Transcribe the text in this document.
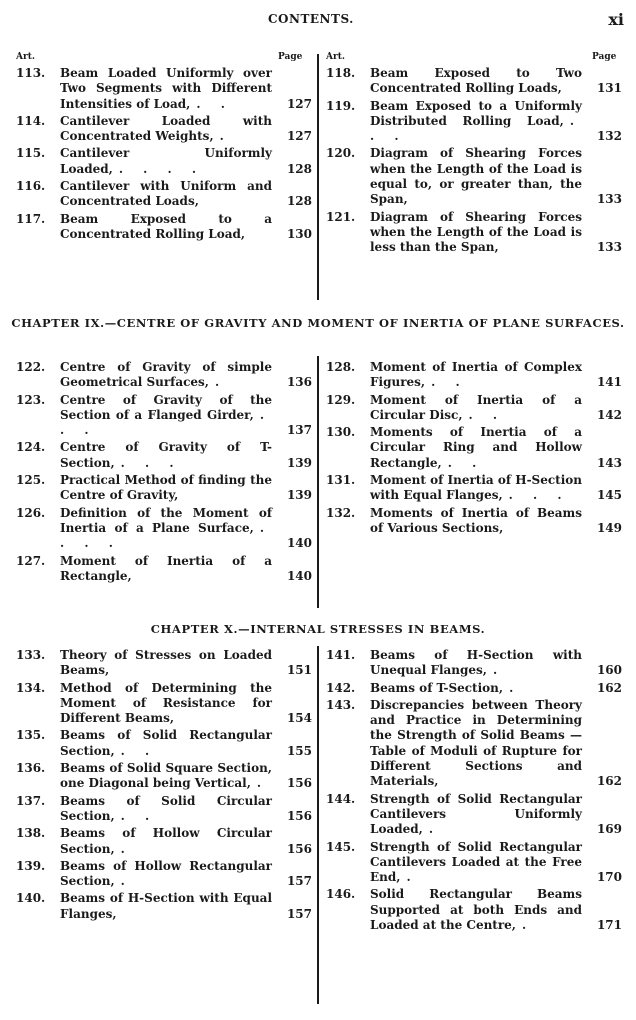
CONTENTS.	xi
Art.	Page	Art.	Page
113.	Beam Loaded Uniformly over Two Segments with Different Intensities of Load, . .	127
114.	Cantilever Loaded with Concentrated Weights, .	127
115.	Cantilever Uniformly Loaded, . . . .	128
116.	Cantilever with Uniform and Concentrated Loads,	128
117.	Beam Exposed to a Concentrated Rolling Load,	130
118.	Beam Exposed to Two Concentrated Rolling Loads,	131
119.	Beam Exposed to a Uniformly Distributed Rolling Load, . . .	132
120.	Diagram of Shearing Forces when the Length of the Load is equal to, or greater than, the Span,	133
121.	Diagram of Shearing Forces when the Length of the Load is less than the Span,	133
CHAPTER IX.—CENTRE OF GRAVITY AND MOMENT OF INERTIA OF PLANE SURFACES.
122.	Centre of Gravity of simple Geometrical Surfaces, .	136
123.	Centre of Gravity of the Section of a Flanged Girder, . . .	137
124.	Centre of Gravity of T-Section, . . .	139
125.	Practical Method of finding the Centre of Gravity,	139
126.	Definition of the Moment of Inertia of a Plane Surface, . . . .	140
127.	Moment of Inertia of a Rectangle,	140
128.	Moment of Inertia of Complex Figures, . .	141
129.	Moment of Inertia of a Circular Disc, . .	142
130.	Moments of Inertia of a Circular Ring and Hollow Rectangle, . .	143
131.	Moment of Inertia of H-Section with Equal Flanges, . . .	145
132.	Moments of Inertia of Beams of Various Sections,	149
CHAPTER X.—INTERNAL STRESSES IN BEAMS.
133.	Theory of Stresses on Loaded Beams,	151
134.	Method of Determining the Moment of Resistance for Different Beams,	154
135.	Beams of Solid Rectangular Section, . .	155
136.	Beams of Solid Square Section, one Diagonal being Vertical, .	156
137.	Beams of Solid Circular Section, . .	156
138.	Beams of Hollow Circular Section, .	156
139.	Beams of Hollow Rectangular Section, .	157
140.	Beams of H-Section with Equal Flanges,	157
141.	Beams of H-Section with Unequal Flanges, .	160
142.	Beams of T-Section, .	162
143.	Discrepancies between Theory and Practice in Determining the Strength of Solid Beams —Table of Moduli of Rupture for Different Sections and Materials,	162
144.	Strength of Solid Rectangular Cantilevers Uniformly Loaded, .	169
145.	Strength of Solid Rectangular Cantilevers Loaded at the Free End, .	170
146.	Solid Rectangular Beams Supported at both Ends and Loaded at the Centre, .	171
